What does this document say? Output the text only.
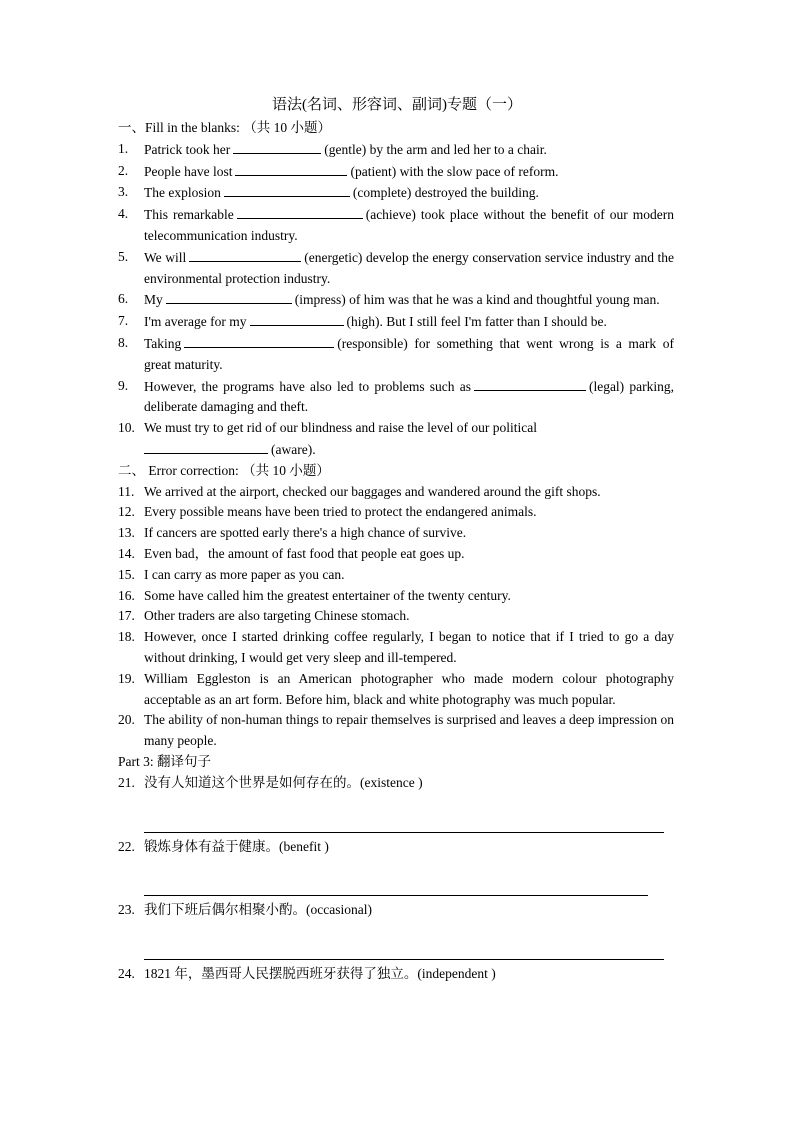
语法(名词、形容词、副词)专题（一）
一、Fill in the blanks: （共 10 小题）
1. Patrick took her	(gentle) by the arm and led her to a chair.
2. People have lost	(patient) with the slow pace of reform.
3. The explosion	(complete) destroyed the building.
4. This remarkable	(achieve) took place without the benefit of our modern telecommunication industry.
5. We will	(energetic) develop the energy conservation service industry and the environmental protection industry.
6. My	(impress) of him was that he was a kind and thoughtful young man.
7. I'm average for my	(high). But I still feel I'm fatter than I should be.
8. Taking	(responsible) for something that went wrong is a mark of great maturity.
9. However, the programs have also led to problems such as	(legal) parking, deliberate damaging and theft.
10. We must try to get rid of our blindness and raise the level of our political
(aware).
二、 Error correction: （共 10 小题）
11. We arrived at the airport, checked our baggages and wandered around the gift shops.
12. Every possible means have been tried to protect the endangered animals.
13. If cancers are spotted early there's a high chance of survive.
14. Even bad，the amount of fast food that people eat goes up.
15. I can carry as more paper as you can.
16. Some have called him the greatest entertainer of the twenty century.
17. Other traders are also targeting Chinese stomach.
18. However, once I started drinking coffee regularly, I began to notice that if I tried to go a day without drinking, I would get very sleep and ill-tempered.
19. William Eggleston is an American photographer who made modern colour photography acceptable as an art form. Before him, black and white photography was much popular.
20. The ability of non-human things to repair themselves is surprised and leaves a deep impression on many people.
Part 3: 翻译句子
21. 没有人知道这个世界是如何存在的。(existence )
22. 锻炼身体有益于健康。(benefit )
23. 我们下班后偶尔相聚小酌。(occasional)
24. 1821 年，墨西哥人民摆脱西班牙获得了独立。(independent )
